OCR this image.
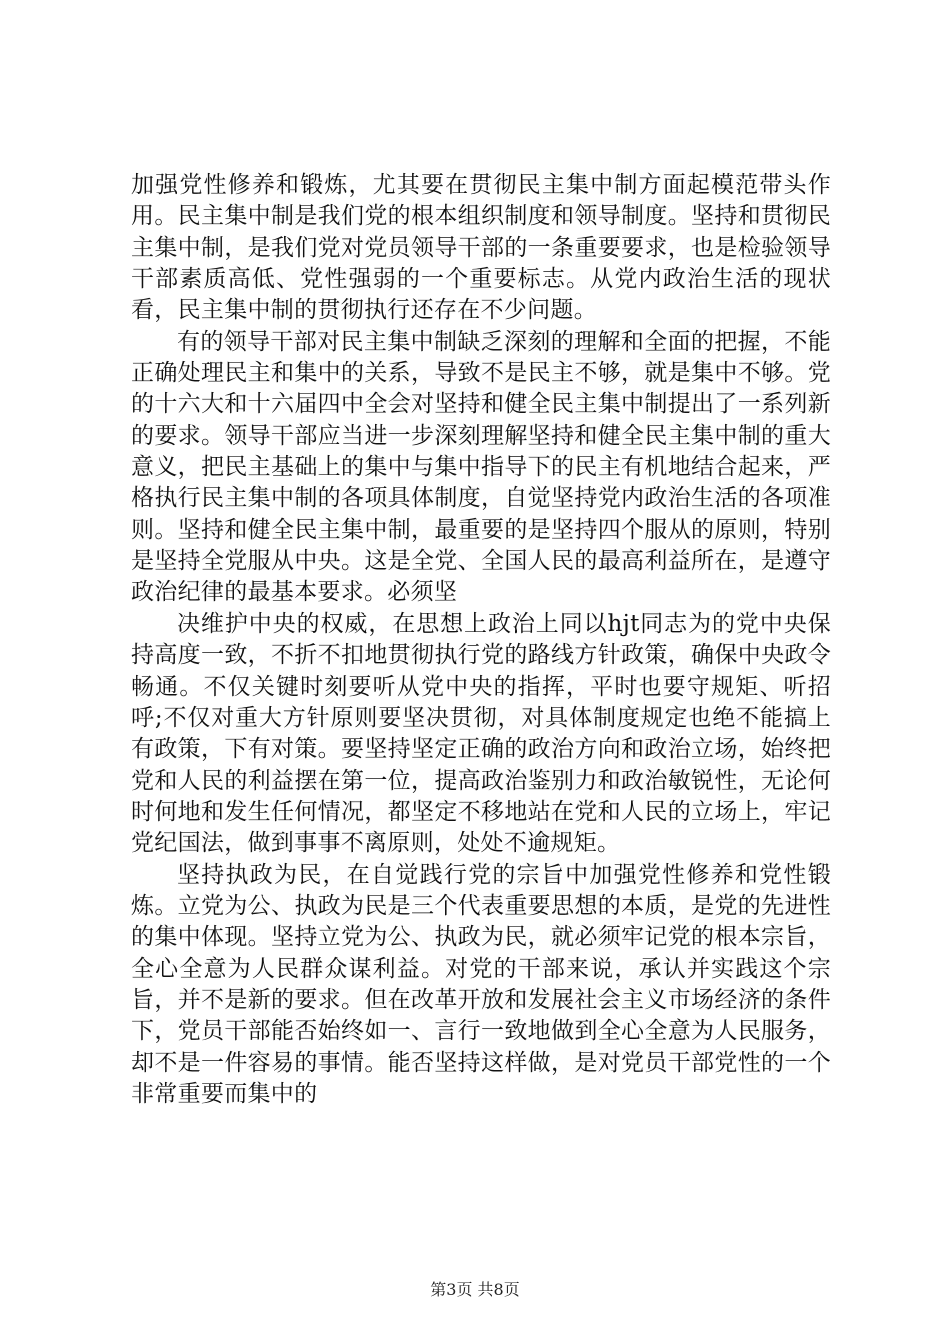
加强党性修养和锻炼，尤其要在贯彻民主集中制方面起模范带头作用。民主集中制是我们党的根本组织制度和领导制度。坚持和贯彻民主集中制，是我们党对党员领导干部的一条重要要求，也是检验领导干部素质高低、党性强弱的一个重要标志。从党内政治生活的现状看，民主集中制的贯彻执行还存在不少问题。

有的领导干部对民主集中制缺乏深刻的理解和全面的把握，不能正确处理民主和集中的关系，导致不是民主不够，就是集中不够。党的十六大和十六届四中全会对坚持和健全民主集中制提出了一系列新的要求。领导干部应当进一步深刻理解坚持和健全民主集中制的重大意义，把民主基础上的集中与集中指导下的民主有机地结合起来，严格执行民主集中制的各项具体制度，自觉坚持党内政治生活的各项准则。坚持和健全民主集中制，最重要的是坚持四个服从的原则，特别是坚持全党服从中央。这是全党、全国人民的最高利益所在，是遵守政治纪律的最基本要求。必须坚

决维护中央的权威，在思想上政治上同以hjt同志为的党中央保持高度一致，不折不扣地贯彻执行党的路线方针政策，确保中央政令畅通。不仅关键时刻要听从党中央的指挥，平时也要守规矩、听招呼;不仅对重大方针原则要坚决贯彻，对具体制度规定也绝不能搞上有政策，下有对策。要坚持坚定正确的政治方向和政治立场，始终把党和人民的利益摆在第一位，提高政治鉴别力和政治敏锐性，无论何时何地和发生任何情况，都坚定不移地站在党和人民的立场上，牢记党纪国法，做到事事不离原则，处处不逾规矩。

坚持执政为民，在自觉践行党的宗旨中加强党性修养和党性锻炼。立党为公、执政为民是三个代表重要思想的本质，是党的先进性的集中体现。坚持立党为公、执政为民，就必须牢记党的根本宗旨，全心全意为人民群众谋利益。对党的干部来说，承认并实践这个宗旨，并不是新的要求。但在改革开放和发展社会主义市场经济的条件下，党员干部能否始终如一、言行一致地做到全心全意为人民服务，却不是一件容易的事情。能否坚持这样做，是对党员干部党性的一个非常重要而集中的

第3页 共8页
